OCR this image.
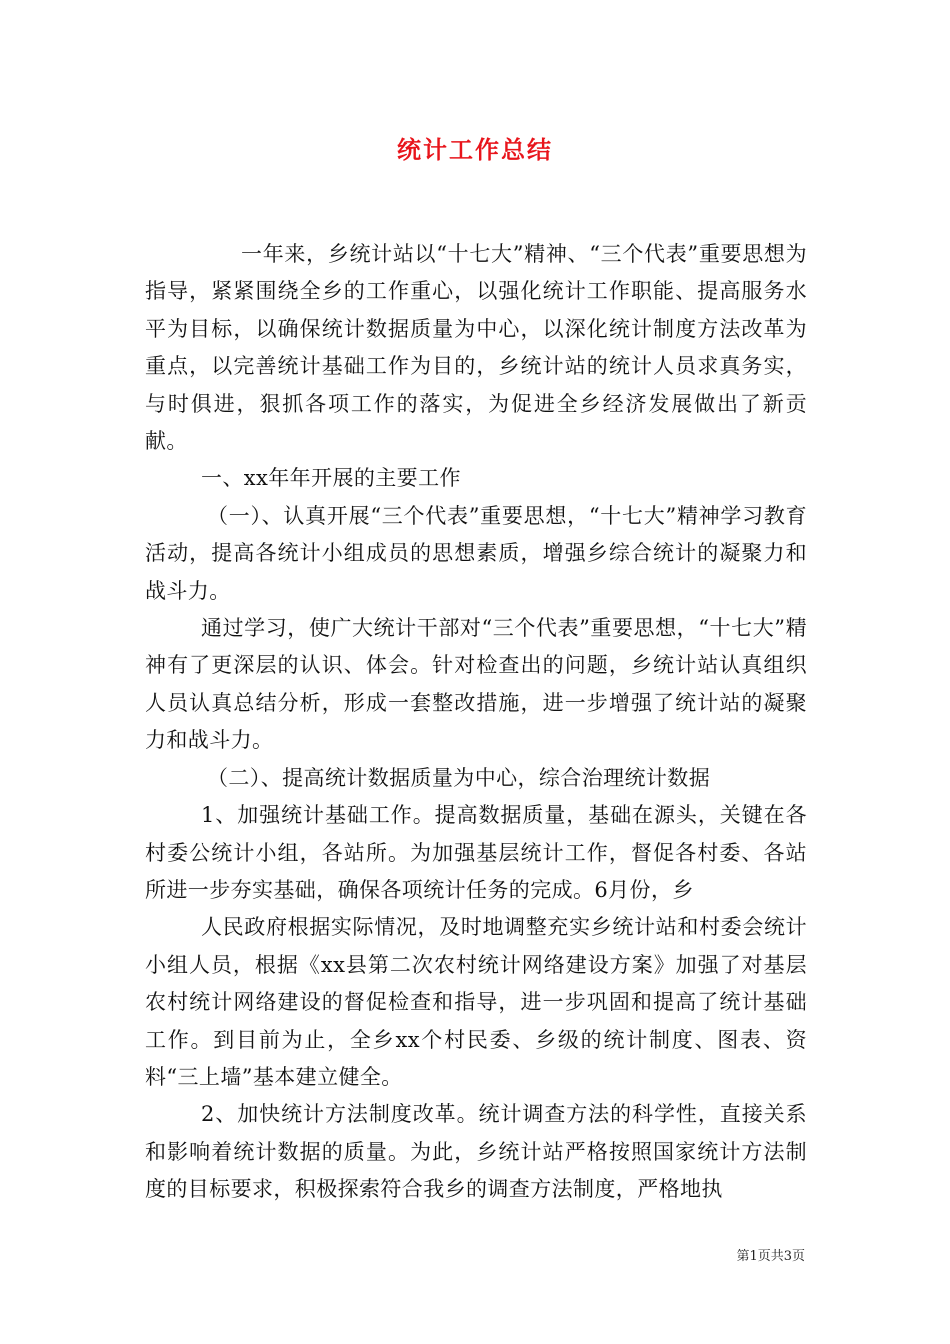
统计工作总结

一年来，乡统计站以“十七大”精神、“三个代表”重要思想为指导，紧紧围绕全乡的工作重心，以强化统计工作职能、提高服务水平为目标，以确保统计数据质量为中心，以深化统计制度方法改革为重点，以完善统计基础工作为目的，乡统计站的统计人员求真务实，与时俱进，狠抓各项工作的落实，为促进全乡经济发展做出了新贡献。

一、xx年年开展的主要工作

（一）、认真开展“三个代表”重要思想，“十七大”精神学习教育活动，提高各统计小组成员的思想素质，增强乡综合统计的凝聚力和战斗力。

通过学习，使广大统计干部对“三个代表”重要思想，“十七大”精神有了更深层的认识、体会。针对检查出的问题，乡统计站认真组织人员认真总结分析，形成一套整改措施，进一步增强了统计站的凝聚力和战斗力。

（二）、提高统计数据质量为中心，综合治理统计数据

1、加强统计基础工作。提高数据质量，基础在源头，关键在各村委公统计小组，各站所。为加强基层统计工作，督促各村委、各站所进一步夯实基础，确保各项统计任务的完成。6月份，乡

人民政府根据实际情况，及时地调整充实乡统计站和村委会统计小组人员，根据《xx县第二次农村统计网络建设方案》加强了对基层农村统计网络建设的督促检查和指导，进一步巩固和提高了统计基础工作。到目前为止，全乡xx个村民委、乡级的统计制度、图表、资料“三上墙”基本建立健全。

2、加快统计方法制度改革。统计调查方法的科学性，直接关系和影响着统计数据的质量。为此，乡统计站严格按照国家统计方法制度的目标要求，积极探索符合我乡的调查方法制度，严格地执

第1页共3页
